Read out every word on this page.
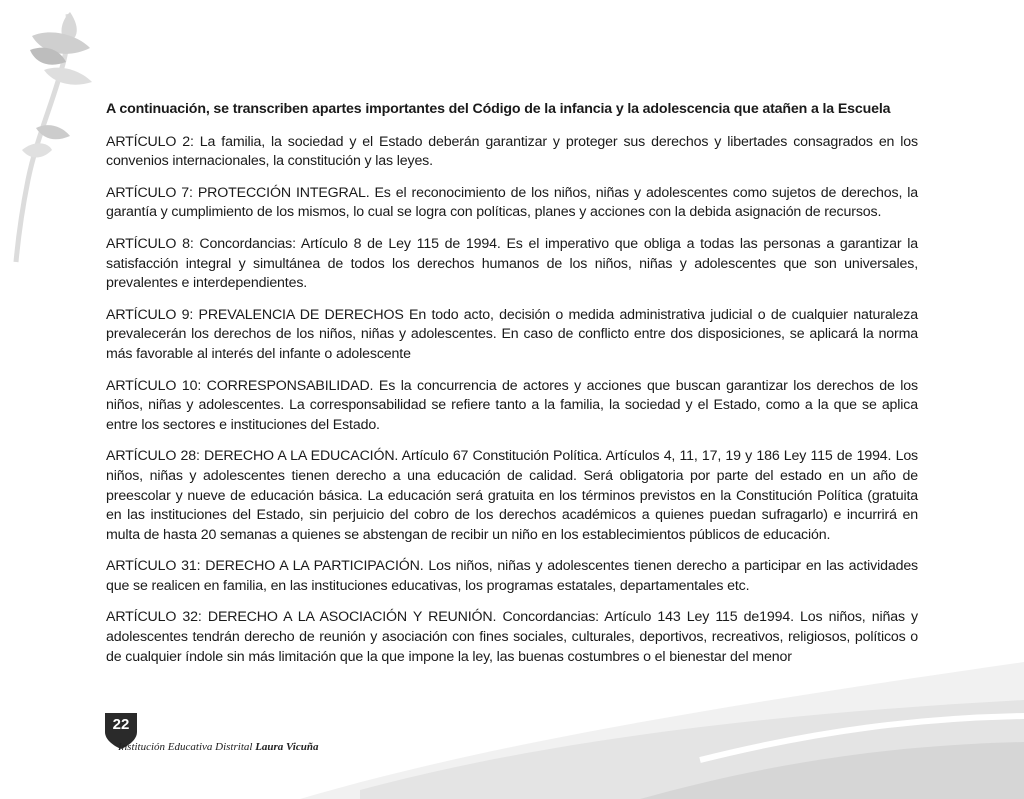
A continuación, se transcriben apartes importantes del Código de la infancia y la adolescencia que atañen a la Escuela

ARTÍCULO 2: La familia, la sociedad y el Estado deberán garantizar y proteger sus derechos y libertades consagrados en los convenios internacionales, la constitución y las leyes.

ARTÍCULO 7: PROTECCIÓN INTEGRAL. Es el reconocimiento de los niños, niñas y adolescentes como sujetos de derechos, la garantía y cumplimiento de los mismos, lo cual se logra con políticas, planes y acciones con la debida asignación de recursos.

ARTÍCULO 8: Concordancias: Artículo 8 de Ley 115 de 1994. Es el imperativo que obliga a todas las personas a garantizar la satisfacción integral y simultánea de todos los derechos humanos de los niños, niñas y adolescentes que son universales, prevalentes e interdependientes.

ARTÍCULO 9: PREVALENCIA DE DERECHOS En todo acto, decisión o medida administrativa judicial o de cualquier naturaleza prevalecerán los derechos de los niños, niñas y adolescentes. En caso de conflicto entre dos disposiciones, se aplicará la norma más favorable al interés del infante o adolescente

ARTÍCULO 10: CORRESPONSABILIDAD. Es la concurrencia de actores y acciones que buscan garantizar los derechos de los niños, niñas y adolescentes. La corresponsabilidad se refiere tanto a la familia, la sociedad y el Estado, como a la que se aplica entre los sectores e instituciones del Estado.

ARTÍCULO 28: DERECHO A LA EDUCACIÓN. Artículo 67 Constitución Política. Artículos 4, 11, 17, 19 y 186 Ley 115 de 1994. Los niños, niñas y adolescentes tienen derecho a una educación de calidad. Será obligatoria por parte del estado en un año de preescolar y nueve de educación básica. La educación será gratuita en los términos previstos en la Constitución Política (gratuita en las instituciones del Estado, sin perjuicio del cobro de los derechos académicos a quienes puedan sufragarlo) e incurrirá en multa de hasta 20 semanas a quienes se abstengan de recibir un niño en los establecimientos públicos de educación.

ARTÍCULO 31: DERECHO A LA PARTICIPACIÓN. Los niños, niñas y adolescentes tienen derecho a participar en las actividades que se realicen en familia, en las instituciones educativas, los programas estatales, departamentales etc.

ARTÍCULO 32: DERECHO A LA ASOCIACIÓN Y REUNIÓN. Concordancias: Artículo 143 Ley 115 de1994. Los niños, niñas y adolescentes tendrán derecho de reunión y asociación con fines sociales, culturales, deportivos, recreativos, religiosos, políticos o de cualquier índole sin más limitación que la que impone la ley, las buenas costumbres o el bienestar del menor

22
Institución Educativa Distrital Laura Vicuña
